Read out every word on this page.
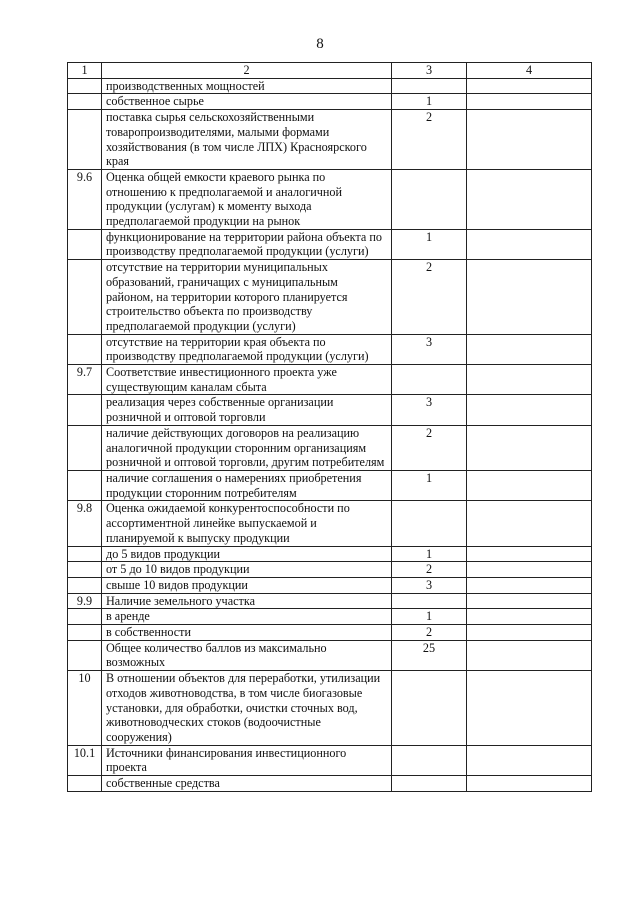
8
1	2	3	4
	производственных мощностей		
	собственное сырье	1	
	поставка сырья сельскохозяйственными товаропроизводителями, малыми формами хозяйствования (в том числе ЛПХ) Красноярского края	2	
9.6	Оценка общей емкости краевого рынка по отношению к предполагаемой и аналогичной продукции (услугам) к моменту выхода предполагаемой продукции на рынок		
	функционирование на территории района объекта по производству предполагаемой продукции (услуги)	1	
	отсутствие на территории муниципальных образований, граничащих с муниципальным районом, на территории которого планируется строительство объекта по производству предполагаемой продукции (услуги)	2	
	отсутствие на территории края объекта по производству предполагаемой продукции (услуги)	3	
9.7	Соответствие инвестиционного проекта уже существующим каналам сбыта		
	реализация через собственные организации розничной и оптовой торговли	3	
	наличие действующих договоров на реализацию аналогичной продукции сторонним организациям розничной и оптовой торговли, другим потребителям	2	
	наличие соглашения о намерениях приобретения продукции сторонним потребителям	1	
9.8	Оценка ожидаемой конкурентоспособности по ассортиментной линейке выпускаемой и планируемой к выпуску продукции		
	до 5 видов продукции	1	
	от 5 до 10 видов продукции	2	
	свыше 10 видов продукции	3	
9.9	Наличие земельного участка		
	в аренде	1	
	в собственности	2	
	Общее количество баллов из максимально возможных	25	
10	В отношении объектов для переработки, утилизации отходов животноводства, в том числе биогазовые установки, для обработки, очистки сточных вод, животноводческих стоков (водоочистные сооружения)		
10.1	Источники финансирования инвестиционного проекта		
	собственные средства		
